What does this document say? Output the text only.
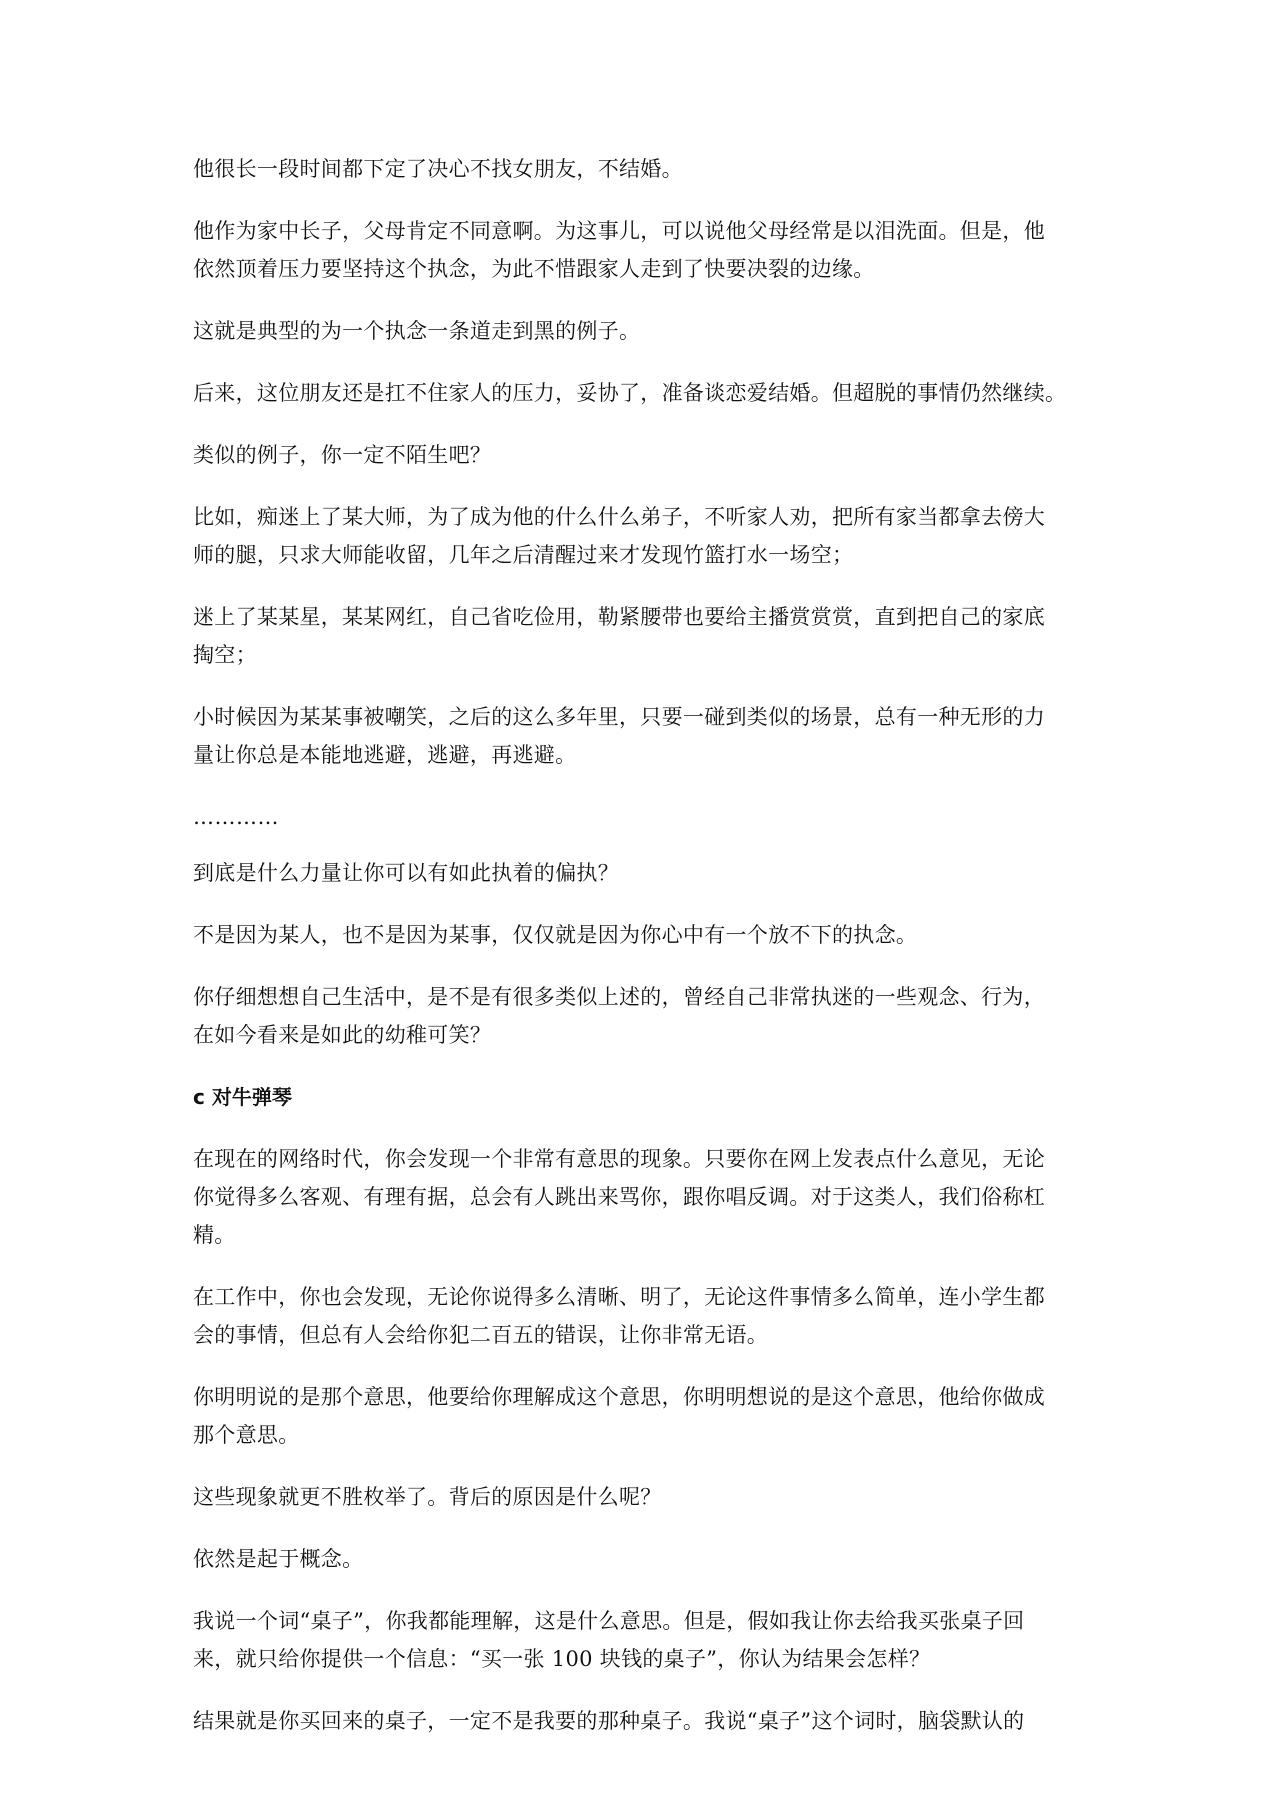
他很长一段时间都下定了决心不找女朋友，不结婚。
他作为家中长子，父母肯定不同意啊。为这事儿，可以说他父母经常是以泪洗面。但是，他
依然顶着压力要坚持这个执念，为此不惜跟家人走到了快要决裂的边缘。
这就是典型的为一个执念一条道走到黑的例子。
后来，这位朋友还是扛不住家人的压力，妥协了，准备谈恋爱结婚。但超脱的事情仍然继续。
类似的例子，你一定不陌生吧？
比如，痴迷上了某大师，为了成为他的什么什么弟子，不听家人劝，把所有家当都拿去傍大
师的腿，只求大师能收留，几年之后清醒过来才发现竹篮打水一场空；
迷上了某某星，某某网红，自己省吃俭用，勒紧腰带也要给主播赏赏赏，直到把自己的家底
掏空；
小时候因为某某事被嘲笑，之后的这么多年里，只要一碰到类似的场景，总有一种无形的力
量让你总是本能地逃避，逃避，再逃避。
…………
到底是什么力量让你可以有如此执着的偏执？
不是因为某人，也不是因为某事，仅仅就是因为你心中有一个放不下的执念。
你仔细想想自己生活中，是不是有很多类似上述的，曾经自己非常执迷的一些观念、行为，
在如今看来是如此的幼稚可笑？
c 对牛弹琴
在现在的网络时代，你会发现一个非常有意思的现象。只要你在网上发表点什么意见，无论
你觉得多么客观、有理有据，总会有人跳出来骂你，跟你唱反调。对于这类人，我们俗称杠
精。
在工作中，你也会发现，无论你说得多么清晰、明了，无论这件事情多么简单，连小学生都
会的事情，但总有人会给你犯二百五的错误，让你非常无语。
你明明说的是那个意思，他要给你理解成这个意思，你明明想说的是这个意思，他给你做成
那个意思。
这些现象就更不胜枚举了。背后的原因是什么呢？
依然是起于概念。
我说一个词“桌子”，你我都能理解，这是什么意思。但是，假如我让你去给我买张桌子回
来，就只给你提供一个信息：“买一张 100 块钱的桌子”，你认为结果会怎样？
结果就是你买回来的桌子，一定不是我要的那种桌子。我说“桌子”这个词时，脑袋默认的
